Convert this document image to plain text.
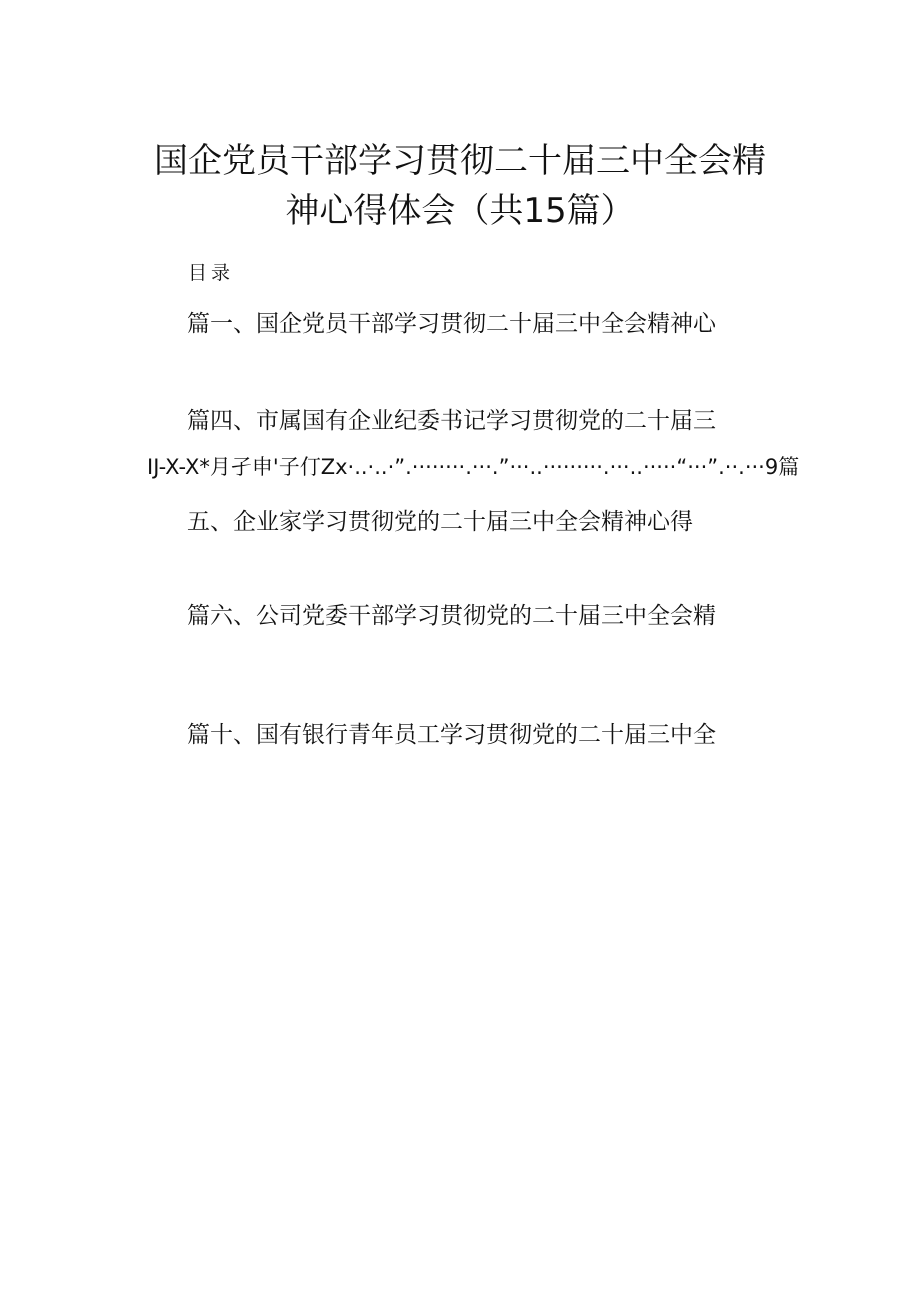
国企党员干部学习贯彻二十届三中全会精
神心得体会（共15篇）
目录
篇一、国企党员干部学习贯彻二十届三中全会精神心
篇四、市属国有企业纪委书记学习贯彻党的二十届三
IJ-X-X*月孑申'子仃Zx·..·..·”.········.···.”···..·········.···..·····“···”.··.···9篇
五、企业家学习贯彻党的二十届三中全会精神心得
篇六、公司党委干部学习贯彻党的二十届三中全会精
篇十、国有银行青年员工学习贯彻党的二十届三中全
